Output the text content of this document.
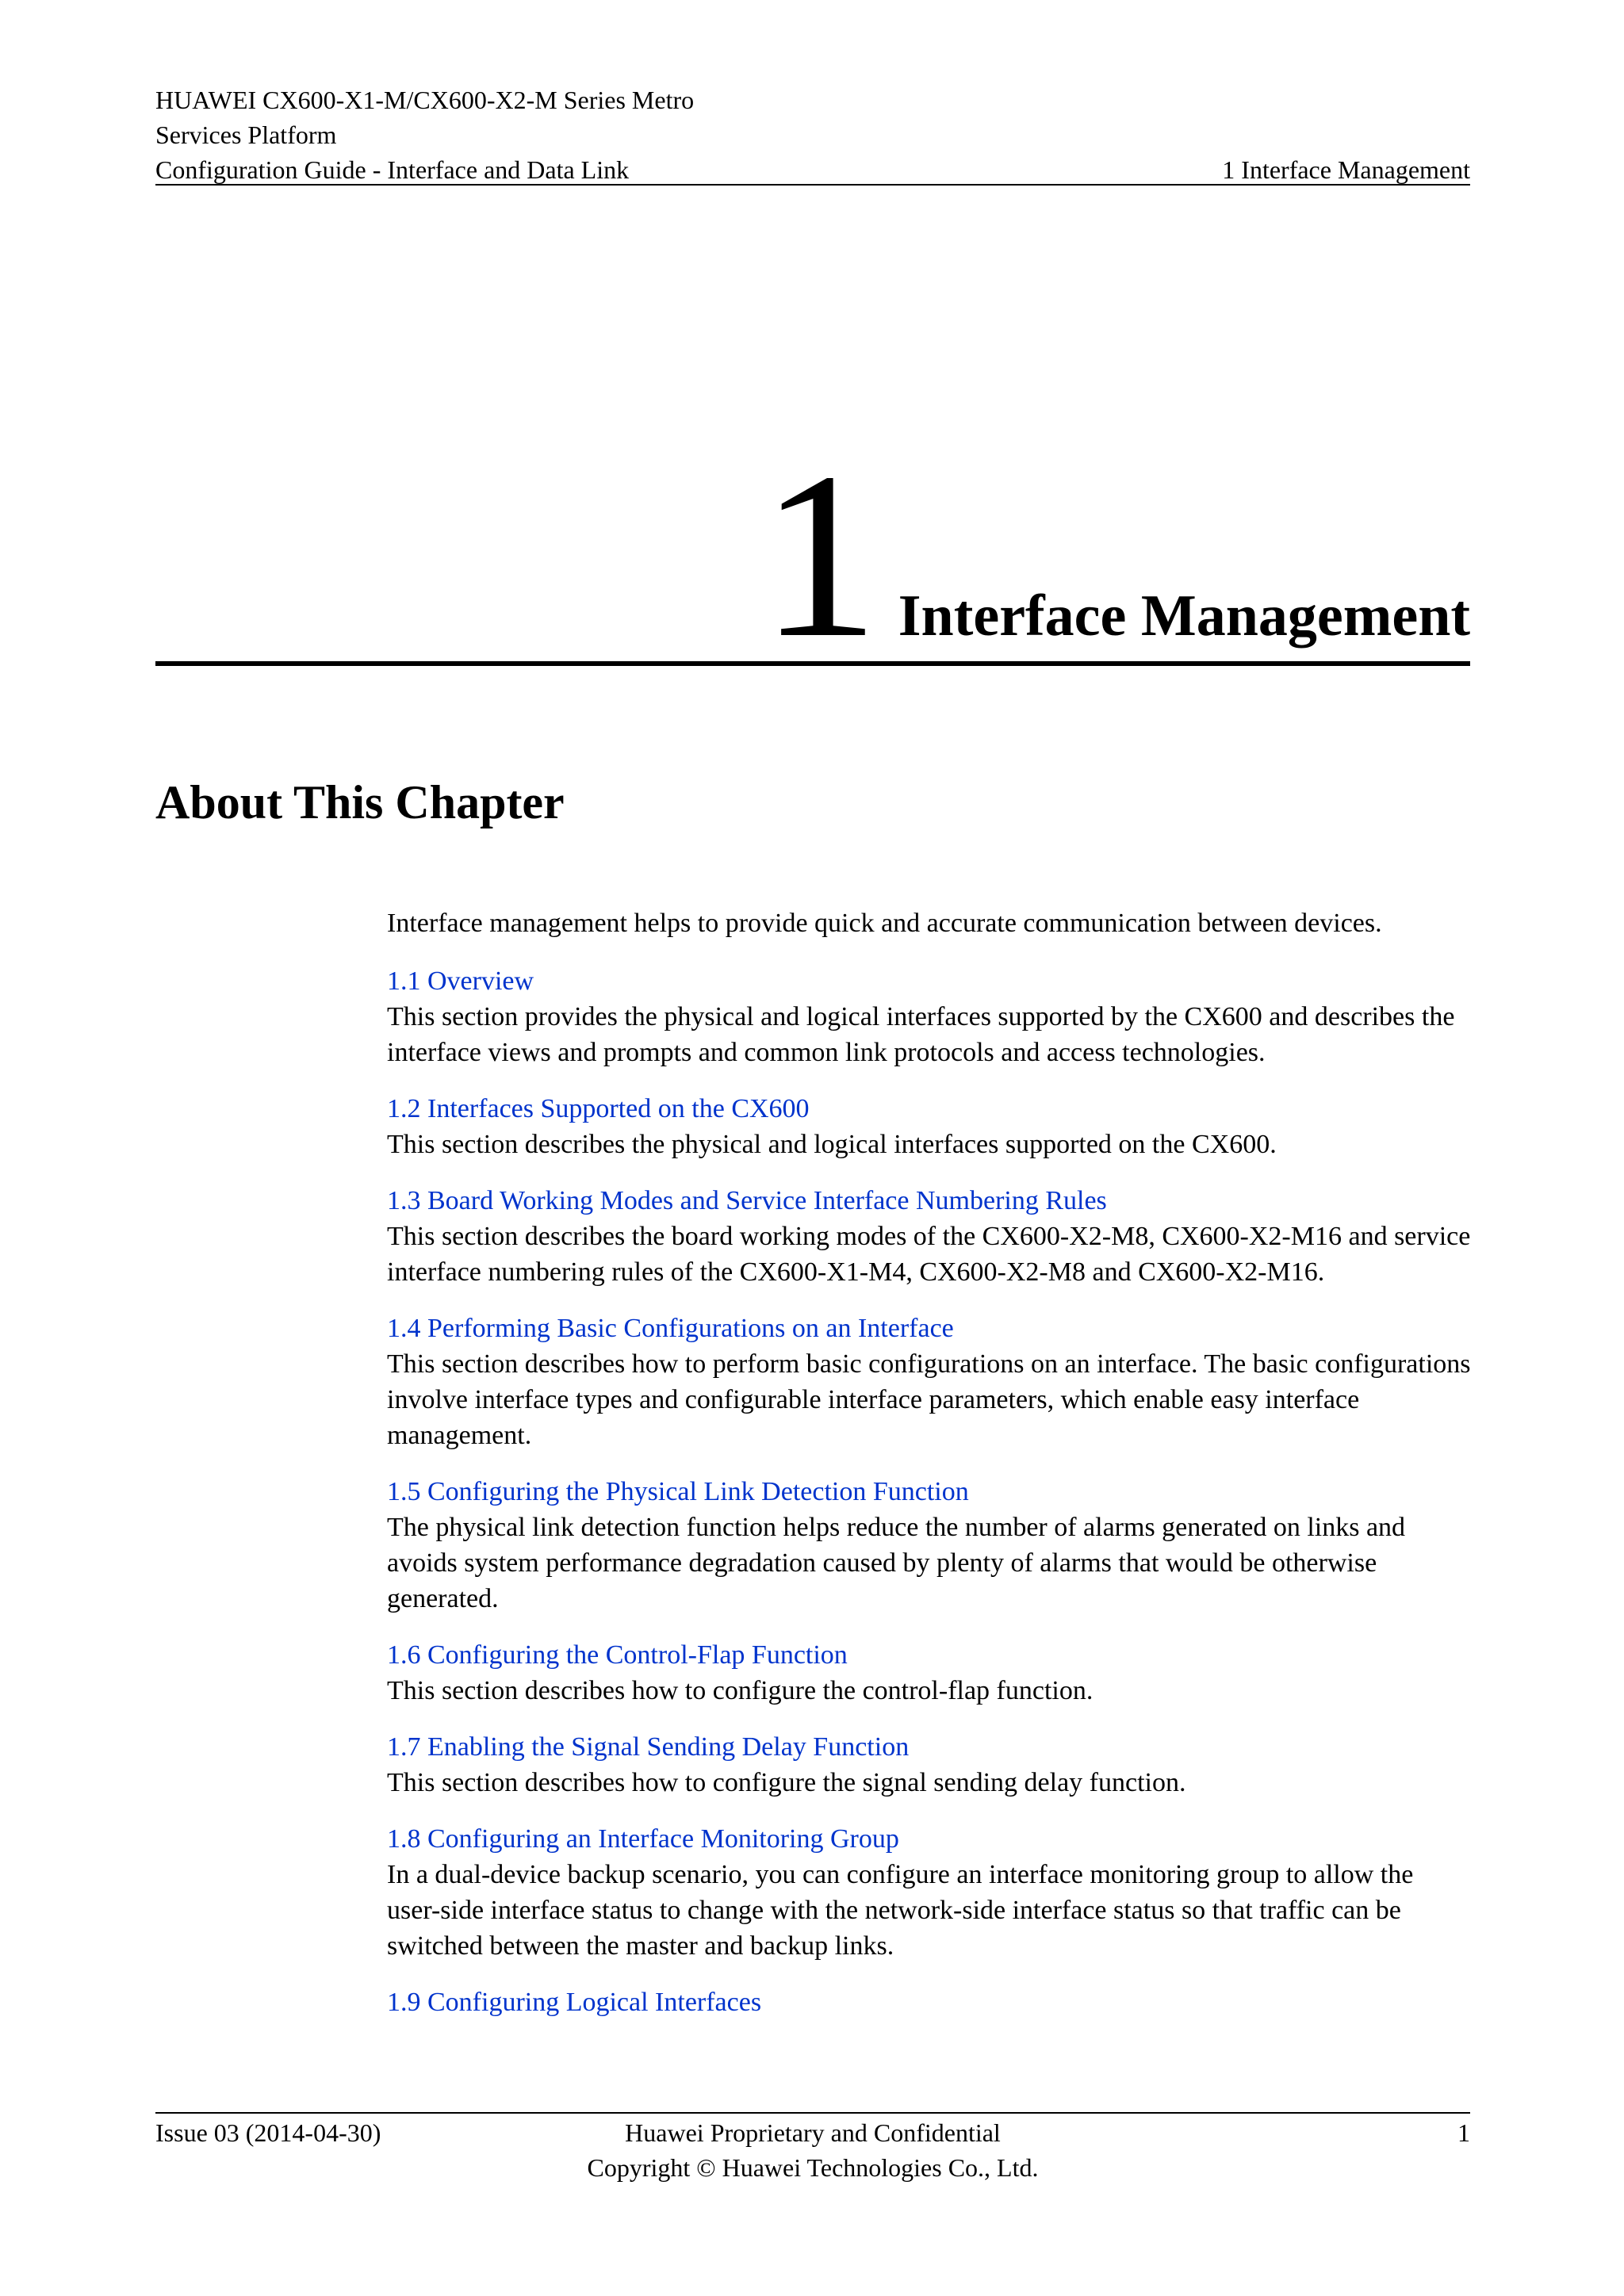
HUAWEI CX600-X1-M/CX600-X2-M Series Metro
Services Platform
Configuration Guide - Interface and Data Link	1 Interface Management
1 Interface Management
About This Chapter

Interface management helps to provide quick and accurate communication between devices.

1.1 Overview
This section provides the physical and logical interfaces supported by the CX600 and describes the interface views and prompts and common link protocols and access technologies.
1.2 Interfaces Supported on the CX600
This section describes the physical and logical interfaces supported on the CX600.
1.3 Board Working Modes and Service Interface Numbering Rules
This section describes the board working modes of the CX600-X2-M8, CX600-X2-M16 and service interface numbering rules of the CX600-X1-M4, CX600-X2-M8 and CX600-X2-M16.
1.4 Performing Basic Configurations on an Interface
This section describes how to perform basic configurations on an interface. The basic configurations involve interface types and configurable interface parameters, which enable easy interface management.
1.5 Configuring the Physical Link Detection Function
The physical link detection function helps reduce the number of alarms generated on links and avoids system performance degradation caused by plenty of alarms that would be otherwise generated.
1.6 Configuring the Control-Flap Function
This section describes how to configure the control-flap function.
1.7 Enabling the Signal Sending Delay Function
This section describes how to configure the signal sending delay function.
1.8 Configuring an Interface Monitoring Group
In a dual-device backup scenario, you can configure an interface monitoring group to allow the user-side interface status to change with the network-side interface status so that traffic can be switched between the master and backup links.
1.9 Configuring Logical Interfaces
Issue 03 (2014-04-30)	Huawei Proprietary and Confidential
Copyright © Huawei Technologies Co., Ltd.
1
